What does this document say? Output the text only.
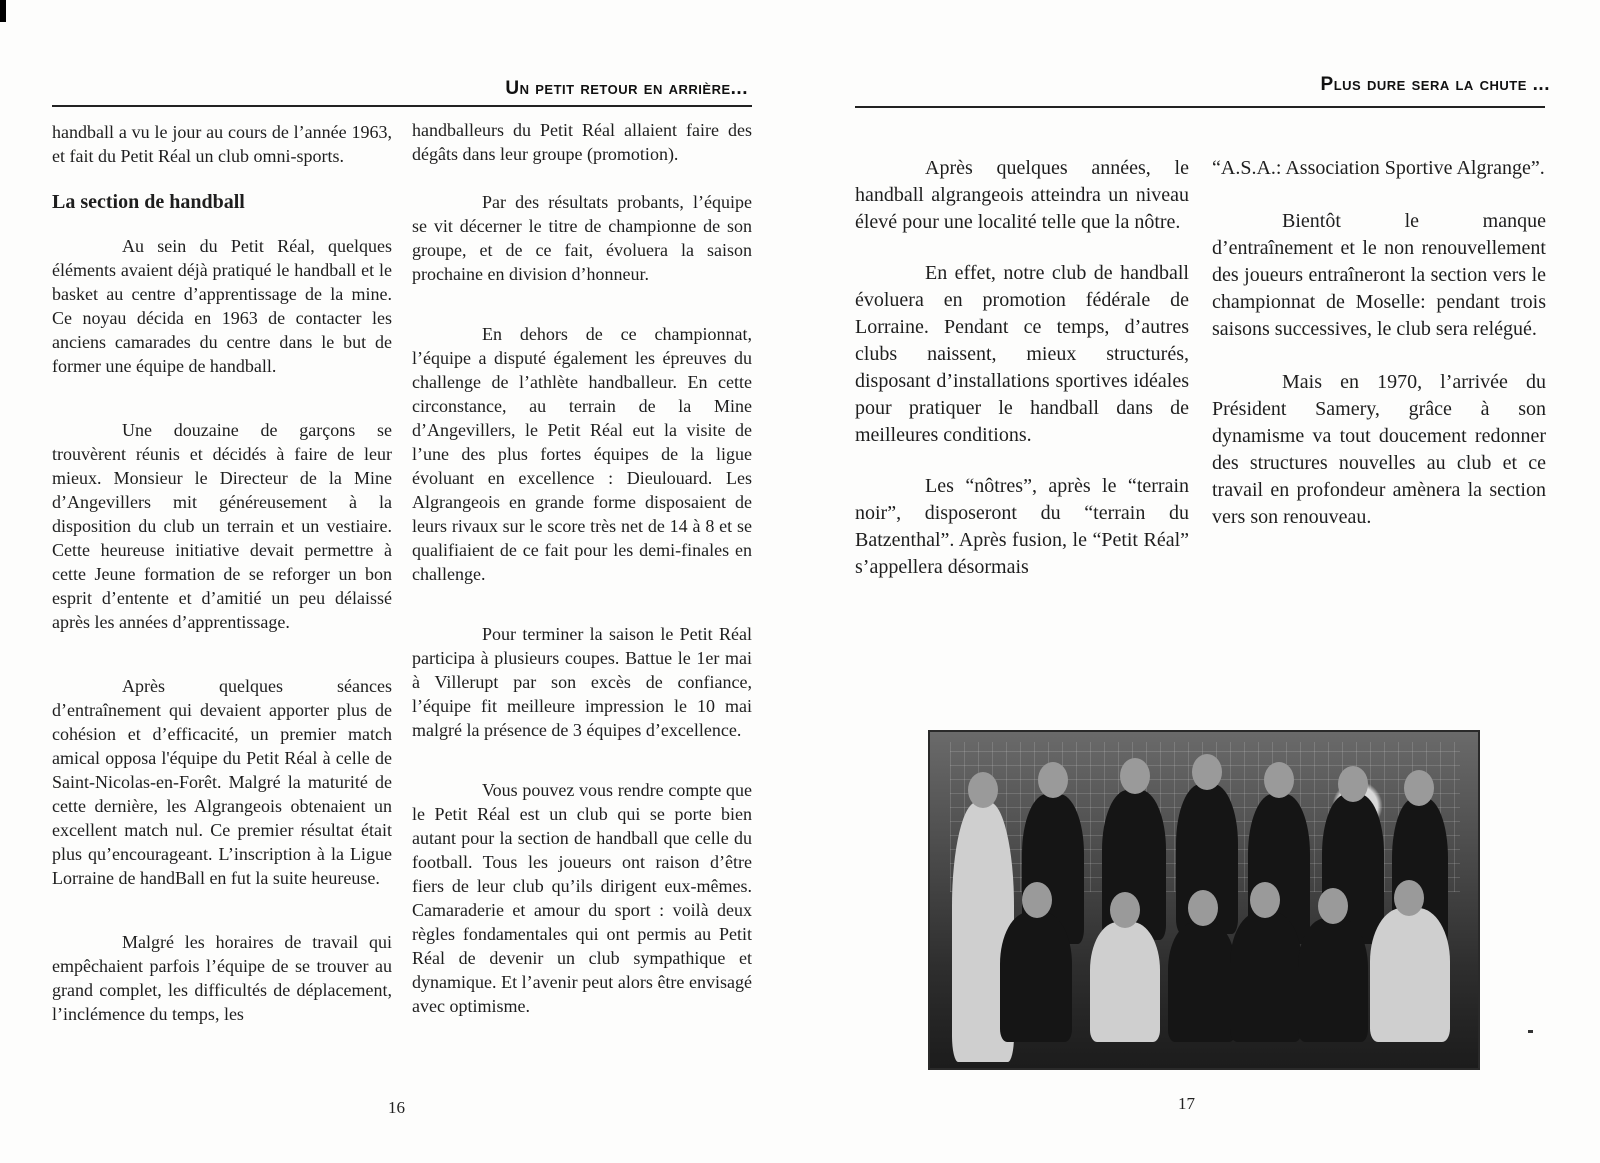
Un petit retour en arrière...

handball a vu le jour au cours de l’année 1963, et fait du Petit Réal un club omni-sports.

La section de handball

Au sein du Petit Réal, quelques éléments avaient déjà pratiqué le handball et le basket au centre d’apprentissage de la mine. Ce noyau décida en 1963 de contacter les anciens camarades du centre dans le but de former une équipe de handball.

Une douzaine de garçons se trouvèrent réunis et décidés à faire de leur mieux. Monsieur le Directeur de la Mine d’Angevillers mit généreusement à la disposition du club un terrain et un vestiaire. Cette heureuse initiative devait permettre à cette Jeune formation de se reforger un bon esprit d’entente et d’amitié un peu délaissé après les années d’apprentissage.

Après quelques séances d’entraînement qui devaient apporter plus de cohésion et d’efficacité, un premier match amical opposa l'équipe du Petit Réal à celle de Saint-Nicolas-en-Forêt. Malgré la maturité de cette dernière, les Algrangeois obtenaient un excellent match nul. Ce premier résultat était plus qu’encourageant. L’inscription à la Ligue Lorraine de handBall en fut la suite heureuse.

Malgré les horaires de travail qui empêchaient parfois l’équipe de se trouver au grand complet, les difficultés de déplacement, l’inclémence du temps, les

handballeurs du Petit Réal allaient faire des dégâts dans leur groupe (promotion).

Par des résultats probants, l’équipe se vit décerner le titre de championne de son groupe, et de ce fait, évoluera la saison prochaine en division d’honneur.

En dehors de ce championnat, l’équipe a disputé également les épreuves du challenge de l’athlète handballeur. En cette circonstance, au terrain de la Mine d’Angevillers, le Petit Réal eut la visite de l’une des plus fortes équipes de la ligue évoluant en excellence : Dieulouard. Les Algrangeois en grande forme disposaient de leurs rivaux sur le score très net de 14 à 8 et se qualifiaient de ce fait pour les demi-finales en challenge.

Pour terminer la saison le Petit Réal participa à plusieurs coupes. Battue le 1er mai à Villerupt par son excès de confiance, l’équipe fit meilleure impression le 10 mai malgré la présence de 3 équipes d’excellence.

Vous pouvez vous rendre compte que le Petit Réal est un club qui se porte bien autant pour la section de handball que celle du football. Tous les joueurs ont raison d’être fiers de leur club qu’ils dirigent eux-mêmes. Camaraderie et amour du sport : voilà deux règles fondamentales qui ont permis au Petit Réal de devenir un club sympathique et dynamique. Et l’avenir peut alors être envisagé avec optimisme.

16
Plus dure sera la chute ...

Après quelques années, le handball algrangeois atteindra un niveau élevé pour une localité telle que la nôtre.

En effet, notre club de handball évoluera en promotion fédérale de Lorraine. Pendant ce temps, d’autres clubs naissent, mieux structurés, disposant d’installations sportives idéales pour pratiquer le handball dans de meilleures conditions.

Les “nôtres”, après le “terrain noir”, disposeront du “terrain du Batzenthal”. Après fusion, le “Petit Réal” s’appellera désormais

“A.S.A.: Association Sportive Algrange”.

Bientôt le manque d’entraînement et le non renouvellement des joueurs entraîneront la section vers le championnat de Moselle: pendant trois saisons successives, le club sera relégué.

Mais en 1970, l’arrivée du Président Samery, grâce à son dynamisme va tout doucement redonner des structures nouvelles au club et ce travail en profondeur amènera la section vers son renouveau.

17
